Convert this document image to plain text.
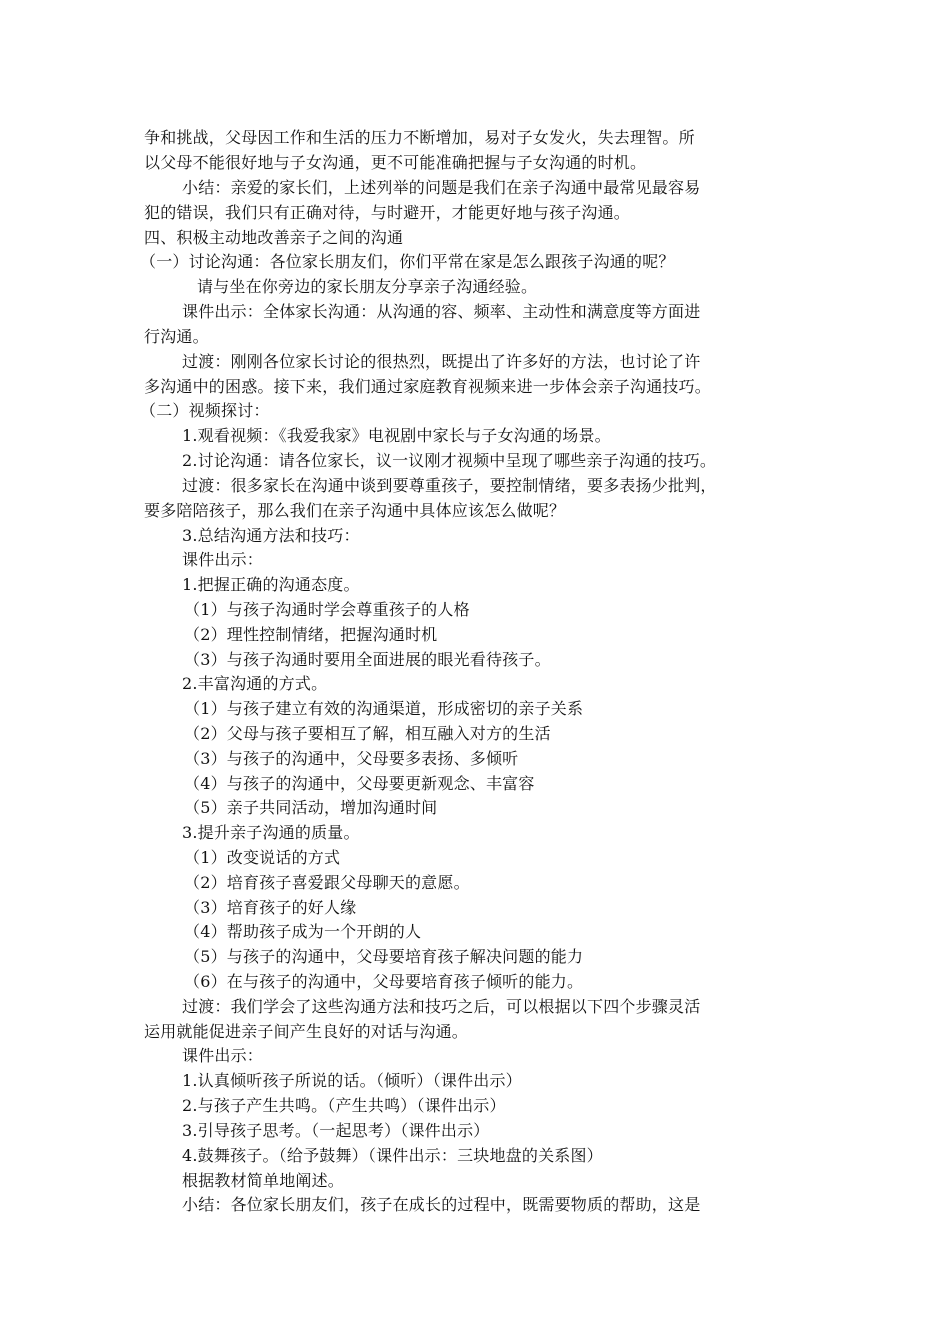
争和挑战，父母因工作和生活的压力不断增加，易对子女发火，失去理智。所
以父母不能很好地与子女沟通，更不可能准确把握与子女沟通的时机。
小结：亲爱的家长们，上述列举的问题是我们在亲子沟通中最常见最容易
犯的错误，我们只有正确对待，与时避开，才能更好地与孩子沟通。
四、积极主动地改善亲子之间的沟通
（一）讨论沟通：各位家长朋友们，你们平常在家是怎么跟孩子沟通的呢？
请与坐在你旁边的家长朋友分享亲子沟通经验。
课件出示：全体家长沟通：从沟通的容、频率、主动性和满意度等方面进
行沟通。
过渡：刚刚各位家长讨论的很热烈，既提出了许多好的方法，也讨论了许
多沟通中的困惑。接下来，我们通过家庭教育视频来进一步体会亲子沟通技巧。
（二）视频探讨：
1.观看视频：《我爱我家》电视剧中家长与子女沟通的场景。
2.讨论沟通：请各位家长，议一议刚才视频中呈现了哪些亲子沟通的技巧。
过渡：很多家长在沟通中谈到要尊重孩子，要控制情绪，要多表扬少批判，
要多陪陪孩子，那么我们在亲子沟通中具体应该怎么做呢？
3.总结沟通方法和技巧：
课件出示：
1.把握正确的沟通态度。
（1）与孩子沟通时学会尊重孩子的人格
（2）理性控制情绪，把握沟通时机
（3）与孩子沟通时要用全面进展的眼光看待孩子。
2.丰富沟通的方式。
（1）与孩子建立有效的沟通渠道，形成密切的亲子关系
（2）父母与孩子要相互了解，相互融入对方的生活
（3）与孩子的沟通中，父母要多表扬、多倾听
（4）与孩子的沟通中，父母要更新观念、丰富容
（5）亲子共同活动，增加沟通时间
3.提升亲子沟通的质量。
（1）改变说话的方式
（2）培育孩子喜爱跟父母聊天的意愿。
（3）培育孩子的好人缘
（4）帮助孩子成为一个开朗的人
（5）与孩子的沟通中，父母要培育孩子解决问题的能力
（6）在与孩子的沟通中，父母要培育孩子倾听的能力。
过渡：我们学会了这些沟通方法和技巧之后，可以根据以下四个步骤灵活
运用就能促进亲子间产生良好的对话与沟通。
课件出示：
1.认真倾听孩子所说的话。（倾听）（课件出示）
2.与孩子产生共鸣。（产生共鸣）（课件出示）
3.引导孩子思考。（一起思考）（课件出示）
4.鼓舞孩子。（给予鼓舞）（课件出示：三块地盘的关系图）
根据教材简单地阐述。
小结：各位家长朋友们，孩子在成长的过程中，既需要物质的帮助，这是
